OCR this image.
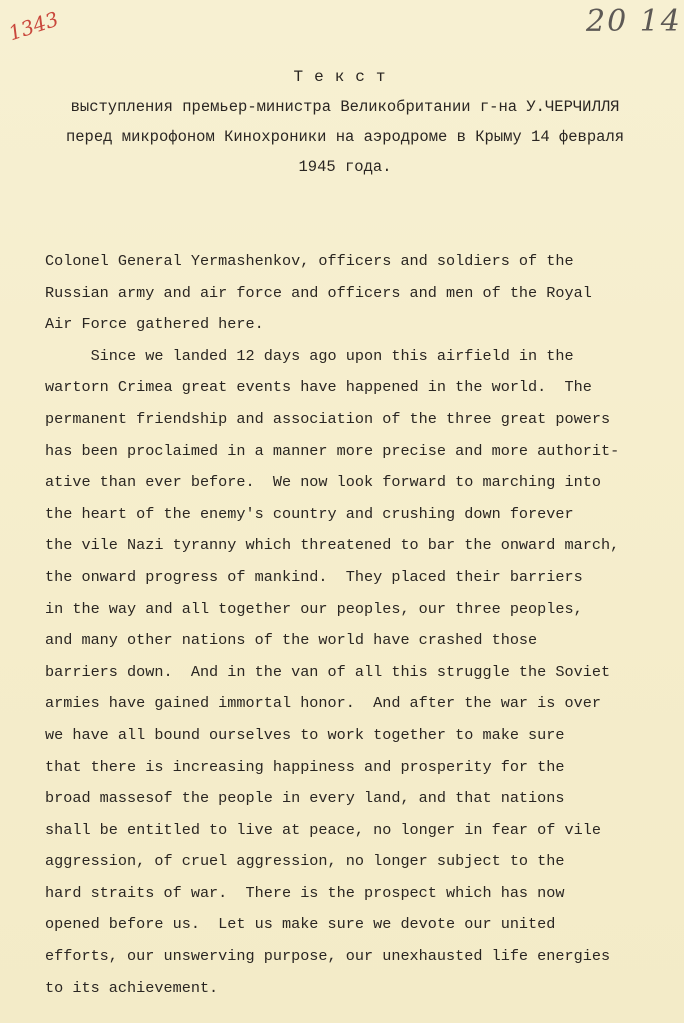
1343	20 14
Текст
выступления премьер-министра Великобритании г-на У.ЧЕРЧИЛЛЯ
перед микрофоном Кинохроники на аэродроме в Крыму 14 февраля
1945 года.
Colonel General Yermashenkov, officers and soldiers of the
Russian army and air force and officers and men of the Royal
Air Force gathered here.
Since we landed 12 days ago upon this airfield in the
wartorn Crimea great events have happened in the world.  The
permanent friendship and association of the three great powers
has been proclaimed in a manner more precise and more authorit-
ative than ever before.  We now look forward to marching into
the heart of the enemy's country and crushing down forever
the vile Nazi tyranny which threatened to bar the onward march,
the onward progress of mankind.  They placed their barriers
in the way and all together our peoples, our three peoples,
and many other nations of the world have crashed those
barriers down.  And in the van of all this struggle the Soviet
armies have gained immortal honor.  And after the war is over
we have all bound ourselves to work together to make sure
that there is increasing happiness and prosperity for the
broad massesof the people in every land, and that nations
shall be entitled to live at peace, no longer in fear of vile
aggression, of cruel aggression, no longer subject to the
hard straits of war.  There is the prospect which has now
opened before us.  Let us make sure we devote our united
efforts, our unswerving purpose, our unexhausted life energies
to its achievement.
